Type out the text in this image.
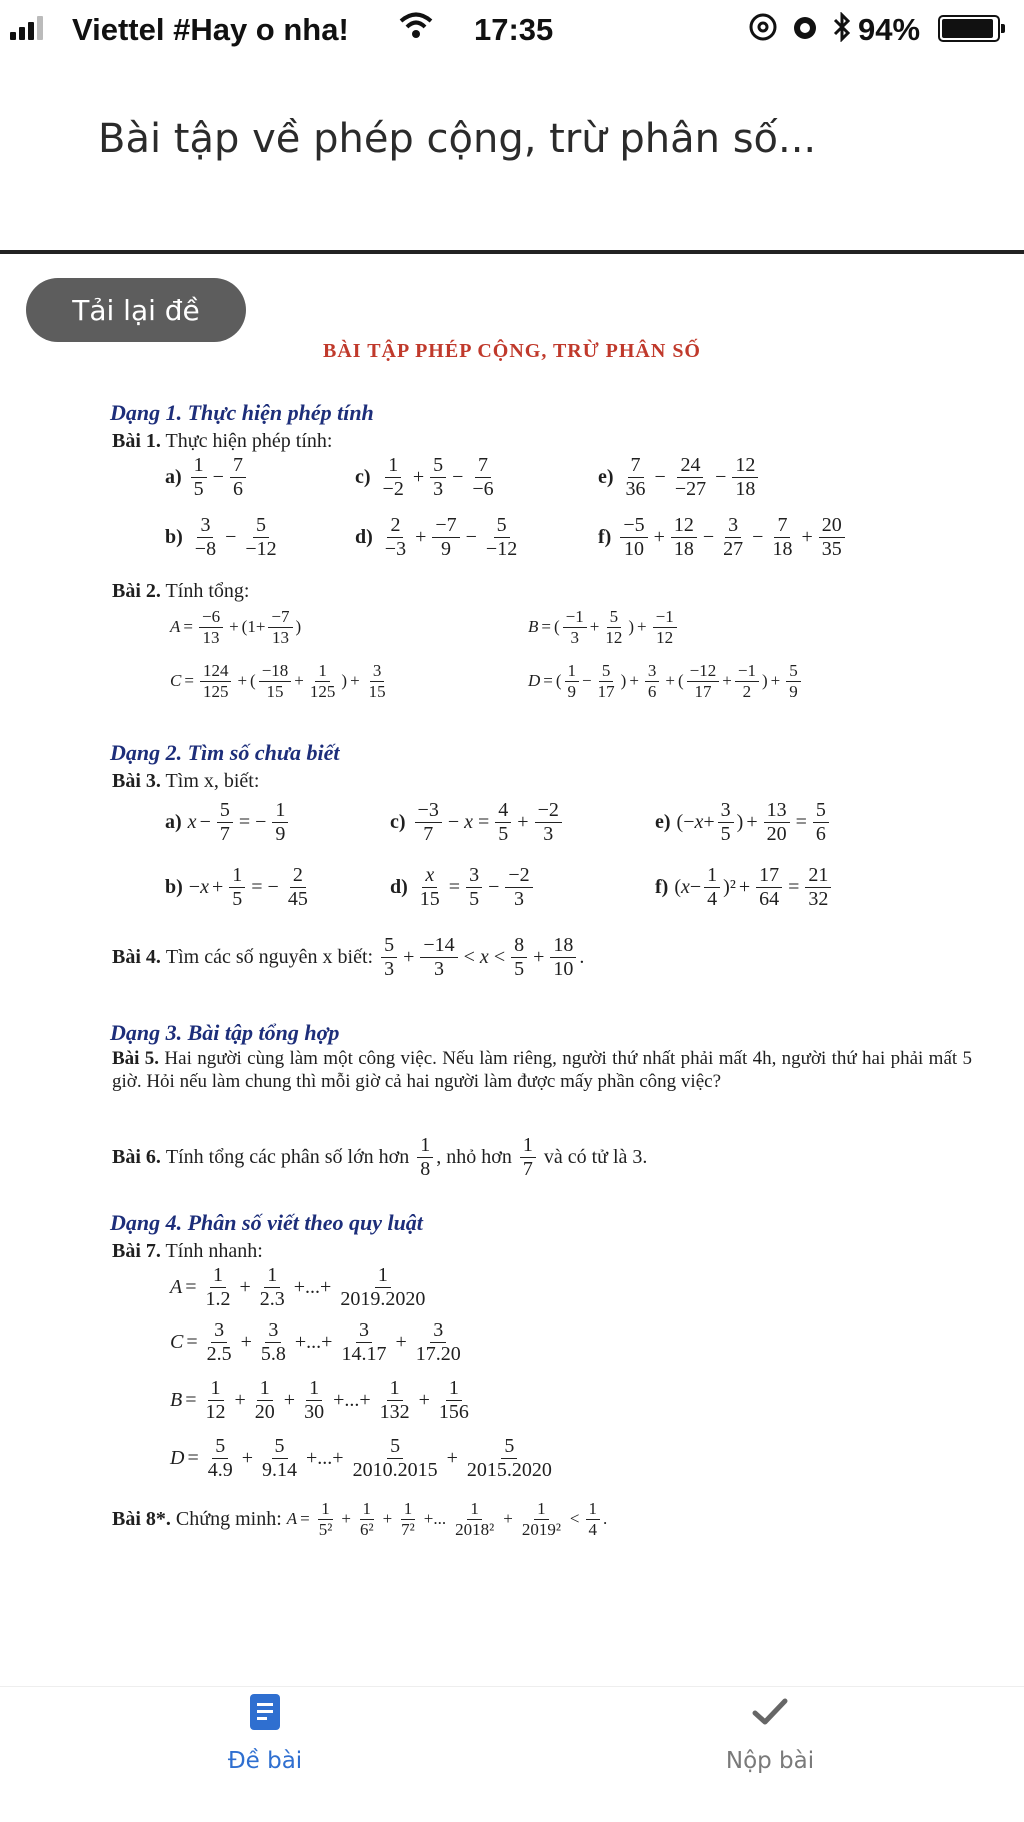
Viettel #Hay o nha!	17:35	94%
Bài tập về phép cộng, trừ phân số...
Tải lại đề
BÀI TẬP PHÉP CỘNG, TRỪ PHÂN SỐ
Dạng 1. Thực hiện phép tính
Bài 1. Thực hiện phép tính:
$a) \frac{1}{5} - \frac{7}{6}$	$c) \frac{1}{-2} + \frac{5}{3} - \frac{7}{-6}$	$e) \frac{7}{36} - \frac{24}{-27} - \frac{12}{18}$
$b) \frac{3}{-8} - \frac{5}{-12}$	$d) \frac{2}{-3} + \frac{-7}{9} - \frac{5}{-12}$	$f) \frac{-5}{10} + \frac{12}{18} - \frac{3}{27} - \frac{7}{18} + \frac{20}{35}$
Bài 2. Tính tổng:
$A = \frac{-6}{13} + (1+ \frac{-7}{13}$ )	B = ( $\frac{-1}{3} + \frac{5}{12}$ ) + $\frac{-1}{12}$
$C = \frac{124}{125}$ + ( $\frac{-18}{15} + \frac{1}{125}$ ) + $\frac{3}{15}$	D = ( $\frac{1}{9} - \frac{5}{17}$ ) + $\frac{3}{6}$ + ( $\frac{-12}{17} + \frac{-1}{2}$ ) + $\frac{5}{9}$
Dạng 2. Tìm số chưa biết
Bài 3. Tìm x, biết:
a) $x - \frac{5}{7}$ = − $\frac{1}{9}$	$c) \frac{-3}{7} - x = \frac{4}{5} + \frac{-2}{3}$	e) (− $x + \frac{3}{5}$ ) + $\frac{13}{20} = \frac{5}{6}$
$b) - x + \frac{1}{5}$ = − $\frac{2}{45}$	$d) \frac{x}{15} = \frac{3}{5} - \frac{-2}{3}$	f) ( $x - \frac{1}{4} )^2 + \frac{17}{64} = \frac{21}{32}$
Bài 4.
Tìm các số nguyên x biết:
$\frac{5}{3} + \frac{-14}{3} < x < \frac{8}{5} + \frac{18}{10}$ .
Dạng 3. Bài tập tổng hợp
Bài 5. Hai người cùng làm một công việc. Nếu làm riêng, người thứ nhất phải mất 4h, người thứ hai phải mất 5 giờ. Hỏi nếu làm chung thì mỗi giờ cả hai người làm được mấy phần công việc?
Bài 6.
Tính tổng các phân số lớn hơn
$\frac{1}{8}$ , nhỏ hơn
$\frac{1}{7}$
và có tử là 3.
Dạng 4. Phân số viết theo quy luật
Bài 7. Tính nhanh:
$A = \frac{1}{1.2} + \frac{1}{2.3}$ +...+ $\frac{1}{2019.2020}$
$C = \frac{3}{2.5} + \frac{3}{5.8}$ +...+ $\frac{3}{14.17} + \frac{3}{17.20}$
$B = \frac{1}{12} + \frac{1}{20} + \frac{1}{30}$ +...+ $\frac{1}{132} + \frac{1}{156}$
$D = \frac{5}{4.9} + \frac{5}{9.14}$ +...+ $\frac{5}{2010.2015} + \frac{5}{2015.2020}$
Bài 8*.
Chứng minh:
$A = \frac{1}{\text{5²}} + \frac{1}{\text{6²}} + \frac{1}{\text{7²}}$ +... $\frac{1}{\text{2018²}} + \frac{1}{\text{2019²}} < \frac{1}{4}$ .
Đề bài	Nộp bài
